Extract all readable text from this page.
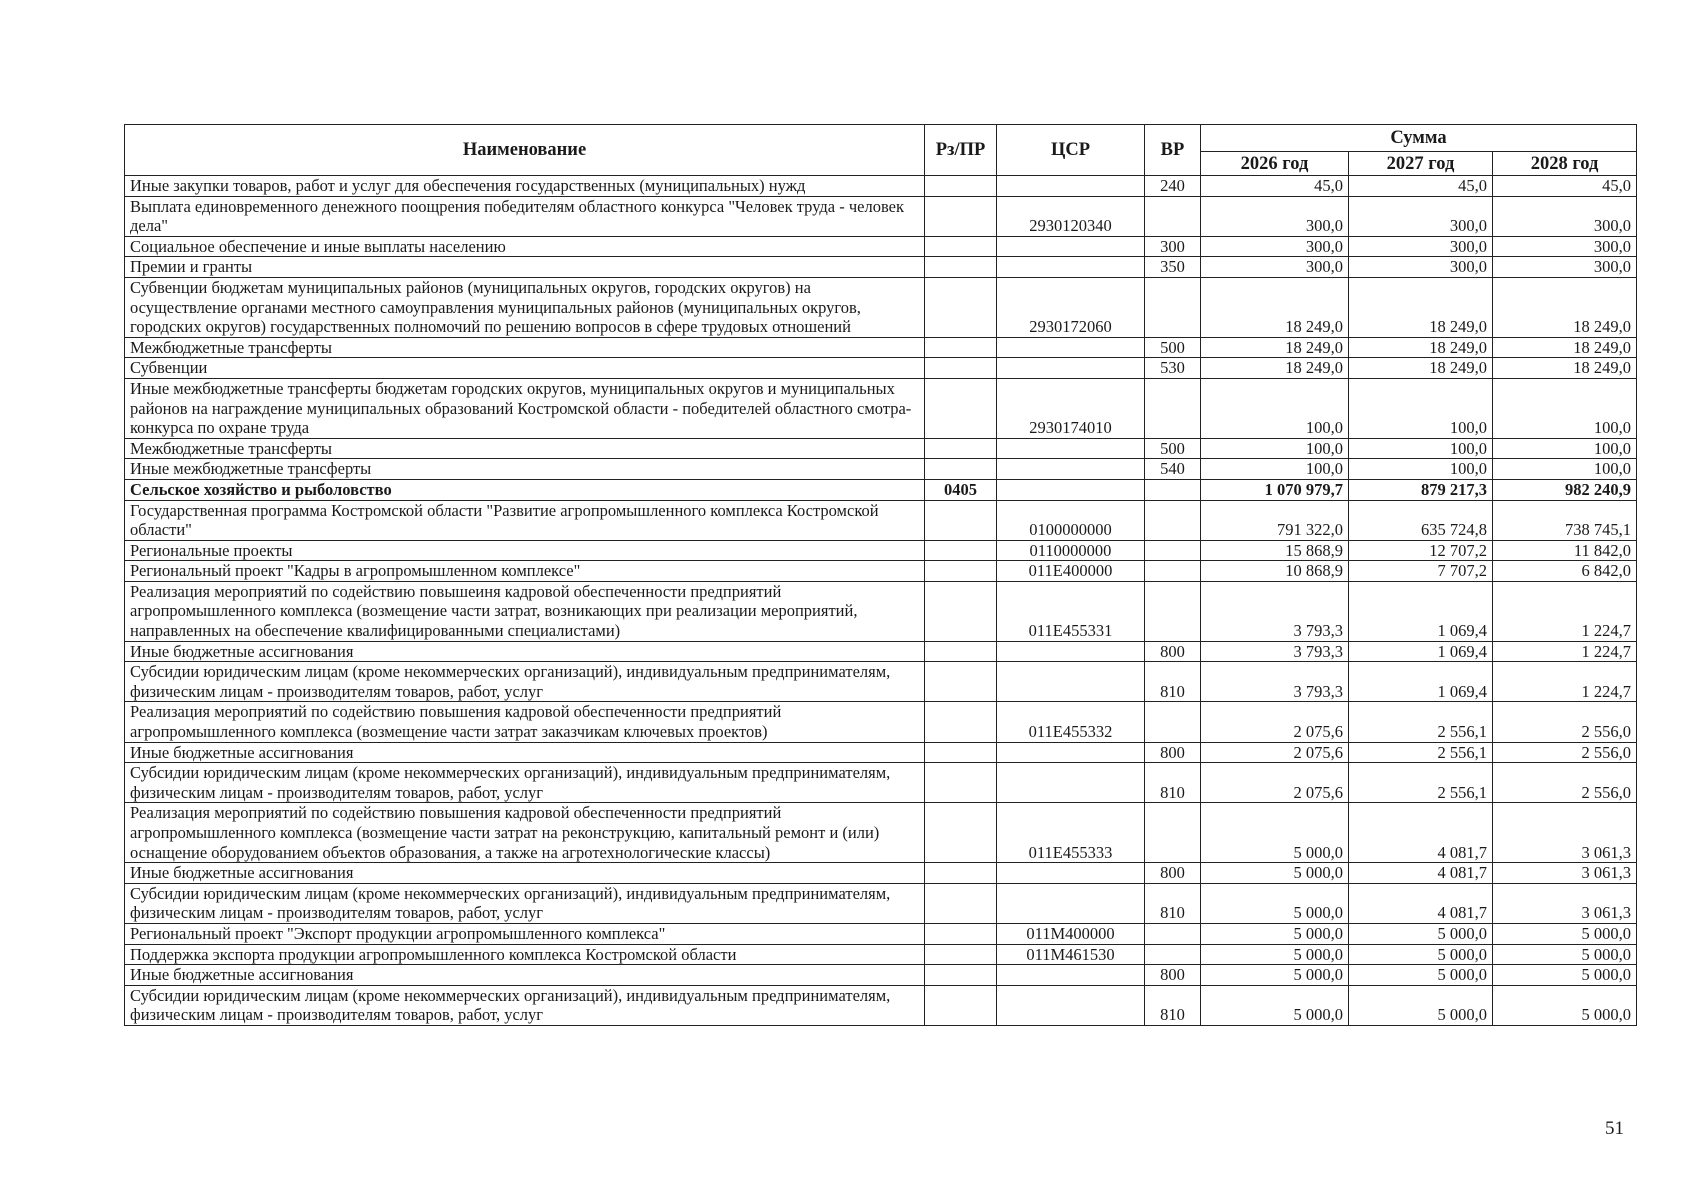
Наименование	Рз/ПР	ЦСР	ВР	Сумма		
				2026 год	2027 год	2028 год
Иные закупки товаров, работ и услуг для обеспечения государственных (муниципальных) нужд			240	45,0	45,0	45,0
Выплата единовременного денежного поощрения победителям областного конкурса "Человек труда - человек дела"		2930120340		300,0	300,0	300,0
Социальное обеспечение и иные выплаты населению			300	300,0	300,0	300,0
Премии и гранты			350	300,0	300,0	300,0
Субвенции бюджетам муниципальных районов (муниципальных округов, городских округов) на осуществление органами местного самоуправления муниципальных районов (муниципальных округов, городских округов) государственных полномочий по решению вопросов в сфере трудовых отношений		2930172060		18 249,0	18 249,0	18 249,0
Межбюджетные трансферты			500	18 249,0	18 249,0	18 249,0
Субвенции			530	18 249,0	18 249,0	18 249,0
Иные межбюджетные трансферты бюджетам городских округов, муниципальных округов и муниципальных районов на награждение муниципальных образований Костромской области - победителей областного смотра-конкурса по охране труда		2930174010		100,0	100,0	100,0
Межбюджетные трансферты			500	100,0	100,0	100,0
Иные межбюджетные трансферты			540	100,0	100,0	100,0
Сельское хозяйство и рыболовство	0405			1 070 979,7	879 217,3	982 240,9
Государственная программа Костромской области "Развитие агропромышленного комплекса Костромской области"		0100000000		791 322,0	635 724,8	738 745,1
Региональные проекты		0110000000		15 868,9	12 707,2	11 842,0
Региональный проект "Кадры в агропромышленном комплексе"		011Е400000		10 868,9	7 707,2	6 842,0
Реализация мероприятий по содействию повышеиня кадровой обеспеченности предприятий агропромышленного комплекса (возмещение части затрат, возникающих при реализации мероприятий, направленных на обеспечение квалифицированными специалистами)		011Е455331		3 793,3	1 069,4	1 224,7
Иные бюджетные ассигнования			800	3 793,3	1 069,4	1 224,7
Субсидии юридическим лицам (кроме некоммерческих организаций), индивидуальным предпринимателям, физическим лицам - производителям товаров, работ, услуг			810	3 793,3	1 069,4	1 224,7
Реализация мероприятий по содействию повышения кадровой обеспеченности предприятий агропромышленного комплекса (возмещение части затрат заказчикам ключевых проектов)		011Е455332		2 075,6	2 556,1	2 556,0
Иные бюджетные ассигнования			800	2 075,6	2 556,1	2 556,0
Субсидии юридическим лицам (кроме некоммерческих организаций), индивидуальным предпринимателям, физическим лицам - производителям товаров, работ, услуг			810	2 075,6	2 556,1	2 556,0
Реализация мероприятий по содействию повышения кадровой обеспеченности предприятий агропромышленного комплекса (возмещение части затрат на реконструкцию, капитальный ремонт и (или) оснащение оборудованием объектов образования, а также на агротехнологические классы)		011Е455333		5 000,0	4 081,7	3 061,3
Иные бюджетные ассигнования			800	5 000,0	4 081,7	3 061,3
Субсидии юридическим лицам (кроме некоммерческих организаций), индивидуальным предпринимателям, физическим лицам - производителям товаров, работ, услуг			810	5 000,0	4 081,7	3 061,3
Региональный проект "Экспорт продукции агропромышленного комплекса"		011М400000		5 000,0	5 000,0	5 000,0
Поддержка экспорта продукции агропромышленного комплекса Костромской области		011М461530		5 000,0	5 000,0	5 000,0
Иные бюджетные ассигнования			800	5 000,0	5 000,0	5 000,0
Субсидии юридическим лицам (кроме некоммерческих организаций), индивидуальным предпринимателям, физическим лицам - производителям товаров, работ, услуг			810	5 000,0	5 000,0	5 000,0
51
